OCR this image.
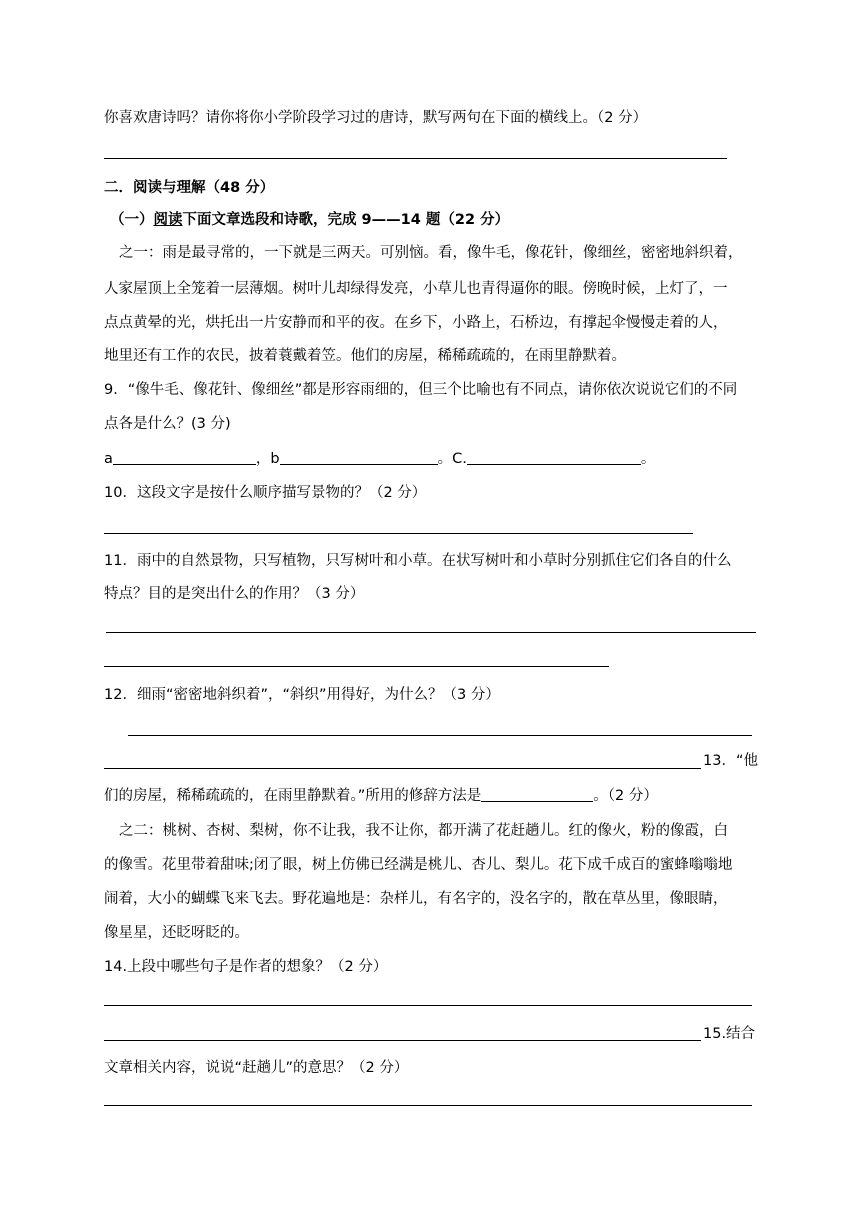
你喜欢唐诗吗？请你将你小学阶段学习过的唐诗，默写两句在下面的横线上。（2 分）
二．阅读与理解（48 分）
（一）阅读下面文章选段和诗歌，完成 9——14 题（22 分）
之一：雨是最寻常的，一下就是三两天。可别恼。看，像牛毛，像花针，像细丝，密密地斜织着，
人家屋顶上全笼着一层薄烟。树叶儿却绿得发亮，小草儿也青得逼你的眼。傍晚时候，上灯了，一
点点黄晕的光，烘托出一片安静而和平的夜。在乡下，小路上，石桥边，有撑起伞慢慢走着的人，
地里还有工作的农民，披着蓑戴着笠。他们的房屋，稀稀疏疏的，在雨里静默着。
9．“像牛毛、像花针、像细丝”都是形容雨细的，但三个比喻也有不同点，请你依次说说它们的不同
点各是什么？(3 分)
a	，b	。C.	。
10．这段文字是按什么顺序描写景物的？（2 分）
11．雨中的自然景物，只写植物，只写树叶和小草。在状写树叶和小草时分别抓住它们各自的什么
特点？目的是突出什么的作用？（3 分）
12．细雨“密密地斜织着”，“斜织”用得好，为什么？（3 分）
13．“他
们的房屋，稀稀疏疏的，在雨里静默着。”所用的修辞方法是	。（2 分）
之二：桃树、杏树、梨树，你不让我，我不让你，都开满了花赶趟儿。红的像火，粉的像霞，白
的像雪。花里带着甜味;闭了眼，树上仿佛已经满是桃儿、杏儿、梨儿。花下成千成百的蜜蜂嗡嗡地
闹着，大小的蝴蝶飞来飞去。野花遍地是：杂样儿，有名字的，没名字的，散在草丛里，像眼睛，
像星星，还眨呀眨的。
14.上段中哪些句子是作者的想象？（2 分）
15.结合
文章相关内容，说说“赶趟儿”的意思？（2 分）
